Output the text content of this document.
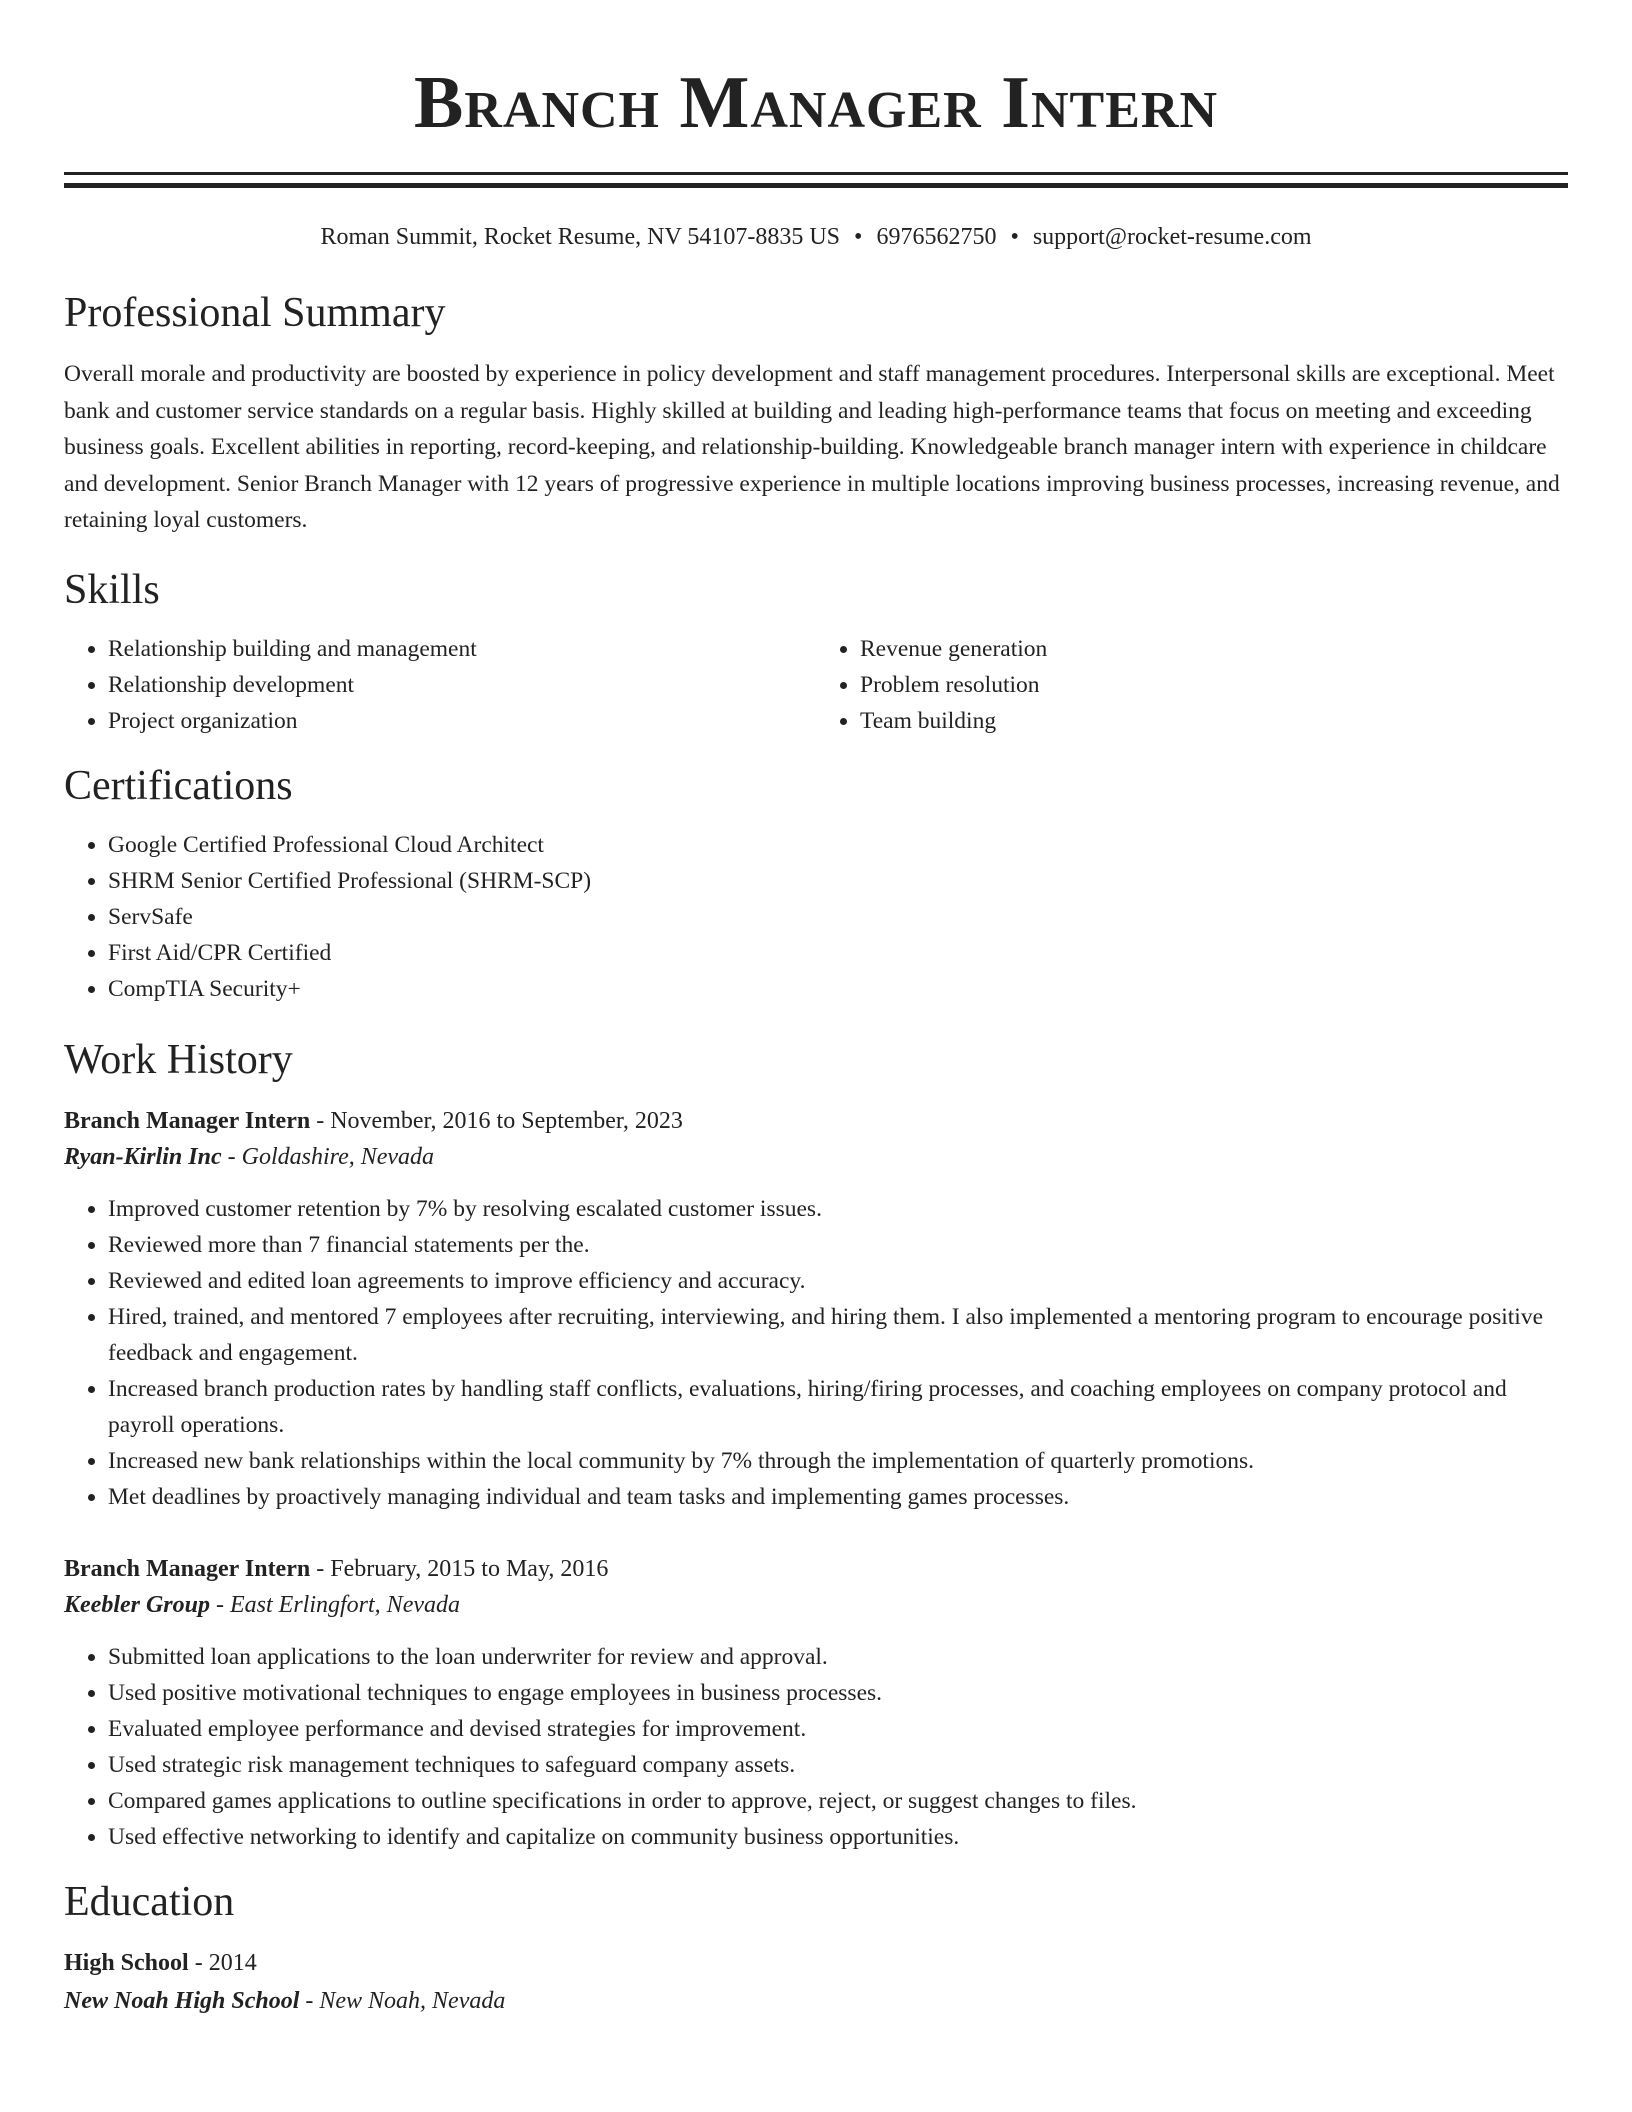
Branch Manager Intern
Roman Summit, Rocket Resume, NV 54107-8835 US • 6976562750 • support@rocket-resume.com
Professional Summary
Overall morale and productivity are boosted by experience in policy development and staff management procedures. Interpersonal skills are exceptional. Meet bank and customer service standards on a regular basis. Highly skilled at building and leading high-performance teams that focus on meeting and exceeding business goals. Excellent abilities in reporting, record-keeping, and relationship-building. Knowledgeable branch manager intern with experience in childcare and development. Senior Branch Manager with 12 years of progressive experience in multiple locations improving business processes, increasing revenue, and retaining loyal customers.
Skills
• Relationship building and management
• Relationship development
• Project organization
• Revenue generation
• Problem resolution
• Team building
Certifications
• Google Certified Professional Cloud Architect
• SHRM Senior Certified Professional (SHRM-SCP)
• ServSafe
• First Aid/CPR Certified
• CompTIA Security+
Work History
Branch Manager Intern - November, 2016 to September, 2023
Ryan-Kirlin Inc - Goldashire, Nevada
• Improved customer retention by 7% by resolving escalated customer issues.
• Reviewed more than 7 financial statements per the.
• Reviewed and edited loan agreements to improve efficiency and accuracy.
• Hired, trained, and mentored 7 employees after recruiting, interviewing, and hiring them. I also implemented a mentoring program to encourage positive feedback and engagement.
• Increased branch production rates by handling staff conflicts, evaluations, hiring/firing processes, and coaching employees on company protocol and payroll operations.
• Increased new bank relationships within the local community by 7% through the implementation of quarterly promotions.
• Met deadlines by proactively managing individual and team tasks and implementing games processes.
Branch Manager Intern - February, 2015 to May, 2016
Keebler Group - East Erlingfort, Nevada
• Submitted loan applications to the loan underwriter for review and approval.
• Used positive motivational techniques to engage employees in business processes.
• Evaluated employee performance and devised strategies for improvement.
• Used strategic risk management techniques to safeguard company assets.
• Compared games applications to outline specifications in order to approve, reject, or suggest changes to files.
• Used effective networking to identify and capitalize on community business opportunities.
Education
High School - 2014
New Noah High School - New Noah, Nevada
